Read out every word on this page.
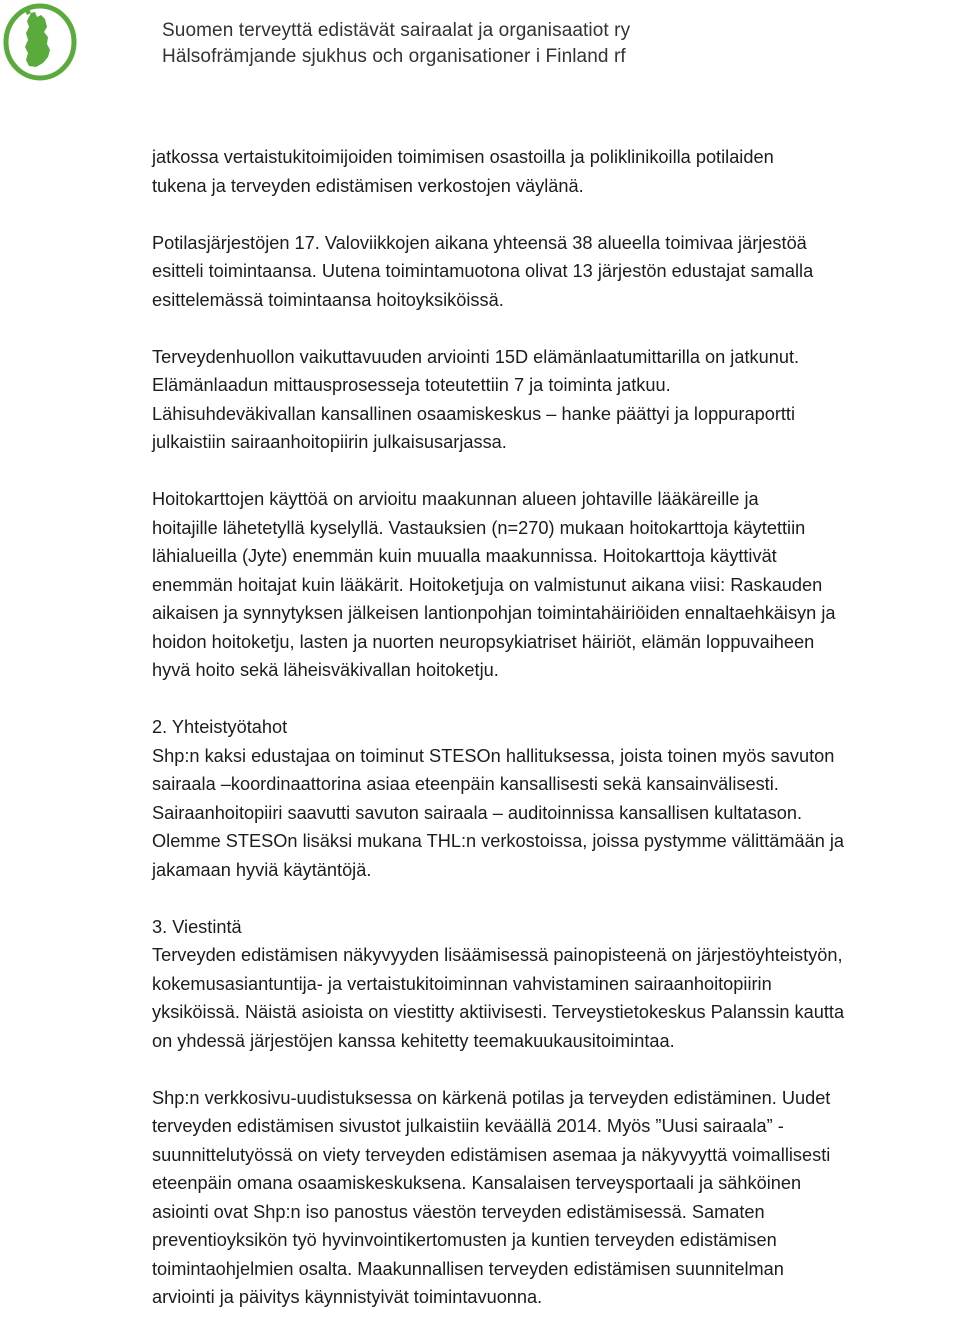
Suomen terveyttä edistävät sairaalat ja organisaatiot ry
Hälsofrämjande sjukhus och organisationer i Finland rf

jatkossa vertaistukitoimijoiden toimimisen osastoilla ja poliklinikoilla potilaiden
tukena ja terveyden edistämisen verkostojen väylänä.

Potilasjärjestöjen 17. Valoviikkojen aikana yhteensä 38 alueella toimivaa järjestöä
esitteli toimintaansa. Uutena toimintamuotona olivat 13 järjestön edustajat samalla
esittelemässä toimintaansa hoitoyksiköissä.

Terveydenhuollon vaikuttavuuden arviointi 15D elämänlaatumittarilla on jatkunut.
Elämänlaadun mittausprosesseja toteutettiin 7 ja toiminta jatkuu.
Lähisuhdeväkivallan kansallinen osaamiskeskus – hanke päättyi ja loppuraportti
julkaistiin sairaanhoitopiirin julkaisusarjassa.

Hoitokarttojen käyttöä on arvioitu maakunnan alueen johtaville lääkäreille ja
hoitajille lähetetyllä kyselyllä. Vastauksien (n=270) mukaan hoitokarttoja käytettiin
lähialueilla (Jyte) enemmän kuin muualla maakunnissa. Hoitokarttoja käyttivät
enemmän hoitajat kuin lääkärit. Hoitoketjuja on valmistunut aikana viisi: Raskauden
aikaisen ja synnytyksen jälkeisen lantionpohjan toimintahäiriöiden ennaltaehkäisyn ja
hoidon hoitoketju, lasten ja nuorten neuropsykiatriset häiriöt, elämän loppuvaiheen
hyvä hoito sekä läheisväkivallan hoitoketju.

2. Yhteistyötahot
Shp:n kaksi edustajaa on toiminut STESOn hallituksessa, joista toinen myös savuton
sairaala –koordinaattorina asiaa eteenpäin kansallisesti sekä kansainvälisesti.
Sairaanhoitopiiri saavutti savuton sairaala – auditoinnissa kansallisen kultatason.
Olemme STESOn lisäksi mukana THL:n verkostoissa, joissa pystymme välittämään ja
jakamaan hyviä käytäntöjä.

3. Viestintä
Terveyden edistämisen näkyvyyden lisäämisessä painopisteenä on järjestöyhteistyön,
kokemusasiantuntija- ja vertaistukitoiminnan vahvistaminen sairaanhoitopiirin
yksiköissä. Näistä asioista on viestitty aktiivisesti. Terveystietokeskus Palanssin kautta
on yhdessä järjestöjen kanssa kehitetty teemakuukausitoimintaa.

Shp:n verkkosivu-uudistuksessa on kärkenä potilas ja terveyden edistäminen. Uudet
terveyden edistämisen sivustot julkaistiin keväällä 2014. Myös ”Uusi sairaala” -
suunnittelutyössä on viety terveyden edistämisen asemaa ja näkyvyyttä voimallisesti
eteenpäin omana osaamiskeskuksena. Kansalaisen terveysportaali ja sähköinen
asiointi ovat Shp:n iso panostus väestön terveyden edistämisessä. Samaten
preventioyksikön työ hyvinvointikertomusten ja kuntien terveyden edistämisen
toimintaohjelmien osalta. Maakunnallisen terveyden edistämisen suunnitelman
arviointi ja päivitys käynnistyivät toimintavuonna.
